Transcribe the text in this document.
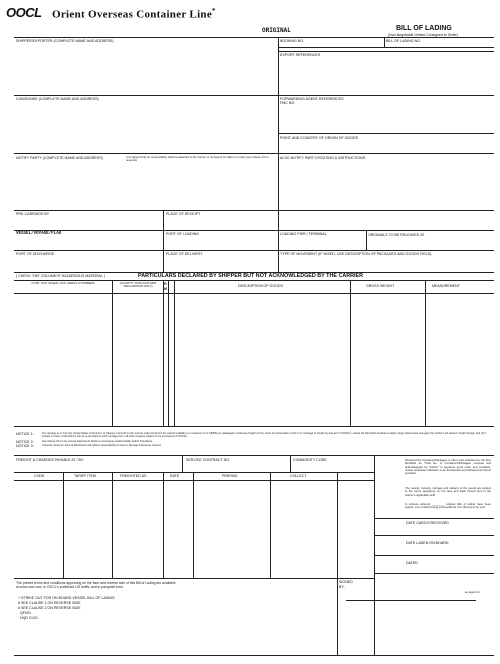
OOCL Orient Overseas Container Line*
ORIGINAL	BILL OF LADING
(Non-Negotiable Unless Consigned to Order)
SHIPPER/EXPORTER (COMPLETE NAME AND ADDRESS)	BOOKING NO.	BILL OF LADING NO.
EXPORT REFERENCES
CONSIGNEE (COMPLETE NAME AND ADDRESS)	FORWARDING AGENT-REFERENCES
FMC NO.
POINT AND COUNTRY OF ORIGIN OF GOODS
NOTIFY PARTY (COMPLETE NAME AND ADDRESS)	(It is agreed that no responsibility shall be attached to the Carrier or its Agents for failure to notify (see Clause 13 on reverse))
ALSO NOTIFY PARTY-ROUTING & INSTRUCTIONS
PRE-CARRIAGE BY	PLACE OF RECEIPT
VESSEL/VOYAGE/FLAG	PORT OF LOADING	LOADING PIER / TERMINAL	ORIGINALS TO BE RELEASED AT
PORT OF DISCHARGE	PLACE OF DELIVERY	TYPE OF MOVEMENT (IF MIXED, USE DESCRIPTION OF PACKAGES AND GOODS FIELD)
( CHECK "HM" COLUMN IF HAZARDOUS MATERIAL )	PARTICULARS DECLARED BY SHIPPER BUT NOT ACKNOWLEDGED BY THE CARRIER
CNTR. NOS. W/SEAL NOS. MARKS & NUMBERS	QUANTITY (FOR CUSTOMS DECLARATION ONLY)
H
M
DESCRIPTION OF GOODS	GROSS WEIGHT	MEASUREMENT
NOTICE 1:	For carriage to or from the United States of America: (i) Clauses 4 and 23 on the reverse side hereof limit the Carrier's liability to a maximum of U.S.$500 per package/or customary freight unit by virtue of incorporation of the U.S. Carriage of Goods by Sea Act ("COGSA"), unless the Merchant declares a higher cargo value below and pays the Carrier's ad valorem freight charge; and (ii) if carried on deck or Merchant's risk as is permitted in each carriage but in all other respects subject to the provisions of COGSA.
NOTICE 2:	See Clause 29 on the reverse side hereof. Notice to Consignee and/or Holder and/or Transferee.
NOTICE 3:	If Goods carried on deck at Merchant's risk without responsibility for loss or damage howsoever caused.
FREIGHT & CHARGES PAYABLE AT / BY:	SERVICE CONTRACT NO.	COMMODITY CODE
CODE	TARIFF ITEM	FREIGHTED AS	RATE	PREPAID	COLLECT
Received the Container/Packages or other units indicated on the face identified as "Total No. of Containers/Packages received and acknowledged by Carrier" in apparent good order and condition, unless otherwise indicated, to be transported and delivered as herein provided.
The receipt, custody, carriage and delivery of the goods are subject to the terms appearing on the face and back hereof and to the Carrier's applicable tariff.
In witness whereof ________ original bills of lading have been signed, one of which being accomplished, the other(s) to be void.
DATE CARGO RECEIVED
DATE LADEN ON BOARD
DATED
The printed terms and conditions appearing on the face and reverse side of this Bill of Lading are available at www.oocl.com, in OOCL's published US tariffs, and in pamphlet form.
+ STRIKE OUT FOR ON BOARD VESSEL BILL OF LADING
# SEE CLAUSE 1 ON REVERSE SIDE
# SEE CLAUSE 2 ON REVERSE SIDE
QF001
HQD 01/01
SIGNED
BY:
as agent for
